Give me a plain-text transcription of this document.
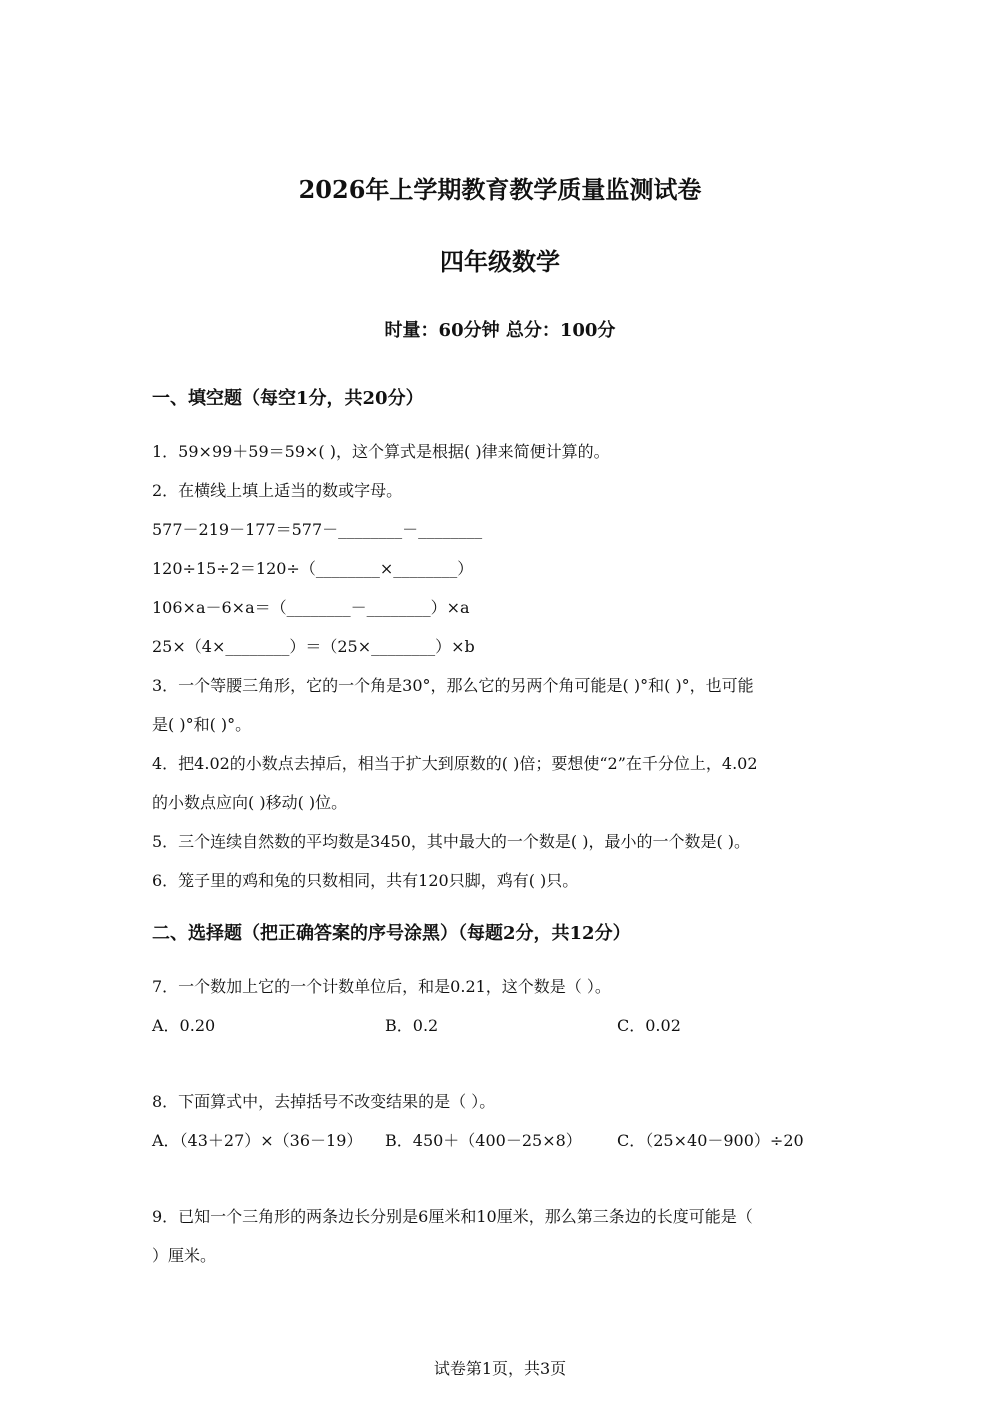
2026年上学期教育教学质量监测试卷
四年级数学
时量：60分钟 总分：100分
一、填空题（每空1分，共20分）
1．59×99＋59＝59×( )，这个算式是根据( )律来简便计算的。
2．在横线上填上适当的数或字母。
577－219－177＝577－________－________
120÷15÷2＝120÷（________×________）
106×a－6×a＝（________－________）×a
25×（4×________）＝（25×________）×b
3．一个等腰三角形，它的一个角是30°，那么它的另两个角可能是( )°和( )°，也可能
是( )°和( )°。
4．把4.02的小数点去掉后，相当于扩大到原数的( )倍；要想使“2”在千分位上，4.02
的小数点应向( )移动( )位。
5．三个连续自然数的平均数是3450，其中最大的一个数是( )，最小的一个数是( )。
6．笼子里的鸡和兔的只数相同，共有120只脚，鸡有( )只。
二、选择题（把正确答案的序号涂黑）（每题2分，共12分）
7．一个数加上它的一个计数单位后，和是0.21，这个数是（ ）。
A．0.20	B．0.2	C．0.02
8．下面算式中，去掉括号不改变结果的是（ ）。
A．（43＋27）×（36－19） B．450＋（400－25×8） C．（25×40－900）÷20
9．已知一个三角形的两条边长分别是6厘米和10厘米，那么第三条边的长度可能是（
）厘米。
试卷第1页，共3页
